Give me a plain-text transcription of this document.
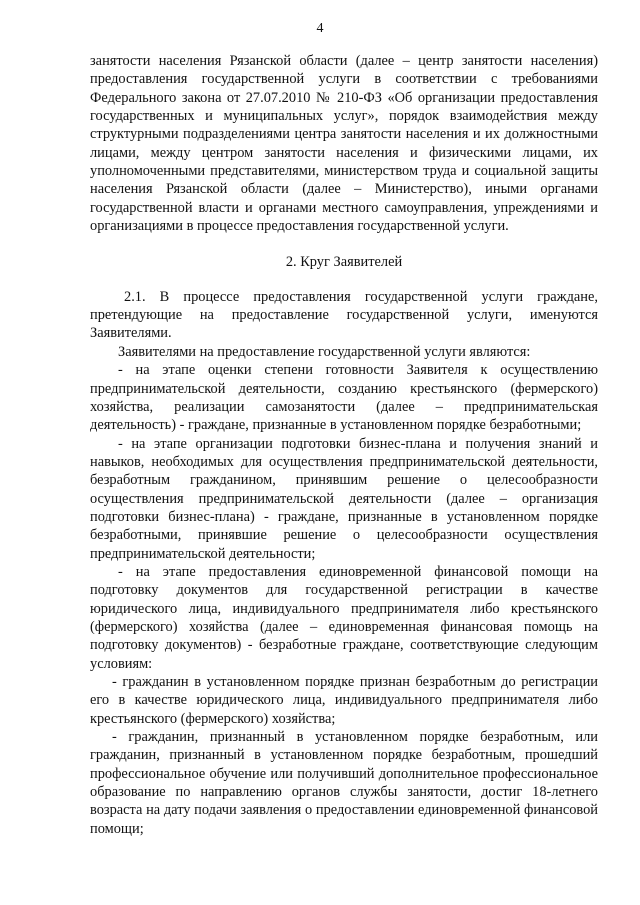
4

занятости населения Рязанской области (далее – центр занятости населения) предоставления государственной услуги в соответствии с требованиями Федерального закона от 27.07.2010 № 210-ФЗ «Об организации предоставления государственных и муниципальных услуг», порядок взаимодействия между структурными подразделениями центра занятости населения и их должностными лицами, между центром занятости населения и физическими лицами, их уполномоченными представителями, министерством труда и социальной защиты населения Рязанской области (далее – Министерство), иными органами государственной власти и органами местного самоуправления, упреждениями и организациями в процессе предоставления государственной услуги.

2. Круг Заявителей

2.1. В процессе предоставления государственной услуги граждане, претендующие на предоставление государственной услуги, именуются Заявителями.

Заявителями на предоставление государственной услуги являются:

- на этапе оценки степени готовности Заявителя к осуществлению предпринимательской деятельности, созданию крестьянского (фермерского) хозяйства, реализации самозанятости (далее – предпринимательская деятельность) - граждане, признанные в установленном порядке безработными;

- на этапе организации подготовки бизнес-плана и получения знаний и навыков, необходимых для осуществления предпринимательской деятельности, безработным гражданином, принявшим решение о целесообразности осуществления предпринимательской деятельности (далее – организация подготовки бизнес-плана) - граждане, признанные в установленном порядке безработными, принявшие решение о целесообразности осуществления предпринимательской деятельности;

- на этапе предоставления единовременной финансовой помощи на подготовку документов для государственной регистрации в качестве юридического лица, индивидуального предпринимателя либо крестьянского (фермерского) хозяйства (далее – единовременная финансовая помощь на подготовку документов) - безработные граждане, соответствующие следующим условиям:

- гражданин в установленном порядке признан безработным до регистрации его в качестве юридического лица, индивидуального предпринимателя либо крестьянского (фермерского) хозяйства;

- гражданин, признанный в установленном порядке безработным, или гражданин, признанный в установленном порядке безработным, прошедший профессиональное обучение или получивший дополнительное профессиональное образование по направлению органов службы занятости, достиг 18-летнего возраста на дату подачи заявления о предоставлении единовременной финансовой помощи;
